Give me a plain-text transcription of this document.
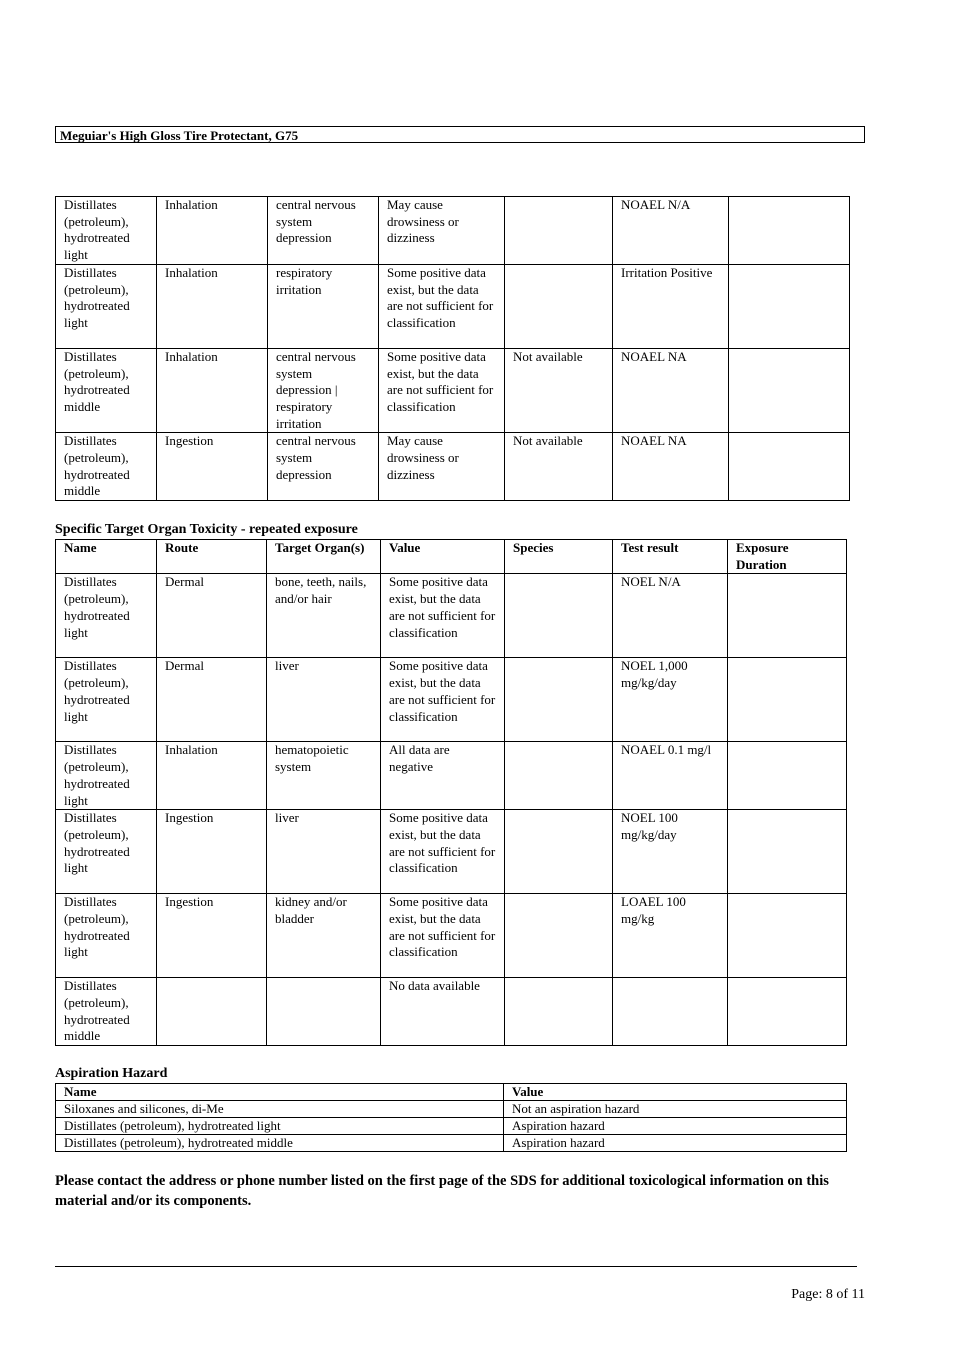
Meguiar's High Gloss Tire Protectant, G75
Distillates (petroleum), hydrotreated light	Inhalation	central nervous system depression	May cause drowsiness or dizziness		NOAEL N/A	
Distillates (petroleum), hydrotreated light	Inhalation	respiratory irritation	Some positive data exist, but the data are not sufficient for classification		Irritation Positive	
Distillates (petroleum), hydrotreated middle	Inhalation	central nervous system depression | respiratory irritation	Some positive data exist, but the data are not sufficient for classification	Not available	NOAEL NA	
Distillates (petroleum), hydrotreated middle	Ingestion	central nervous system depression	May cause drowsiness or dizziness	Not available	NOAEL NA	
Specific Target Organ Toxicity - repeated exposure
Name	Route	Target Organ(s)	Value	Species	Test result	Exposure Duration
Distillates (petroleum), hydrotreated light	Dermal	bone, teeth, nails, and/or hair	Some positive data exist, but the data are not sufficient for classification		NOEL N/A	
Distillates (petroleum), hydrotreated light	Dermal	liver	Some positive data exist, but the data are not sufficient for classification		NOEL 1,000 mg/kg/day	
Distillates (petroleum), hydrotreated light	Inhalation	hematopoietic system	All data are negative		NOAEL 0.1 mg/l	
Distillates (petroleum), hydrotreated light	Ingestion	liver	Some positive data exist, but the data are not sufficient for classification		NOEL 100 mg/kg/day	
Distillates (petroleum), hydrotreated light	Ingestion	kidney and/or bladder	Some positive data exist, but the data are not sufficient for classification		LOAEL 100 mg/kg	
Distillates (petroleum), hydrotreated middle			No data available			
Aspiration Hazard
Name	Value
Siloxanes and silicones, di-Me	Not an aspiration hazard
Distillates (petroleum), hydrotreated light	Aspiration hazard
Distillates (petroleum), hydrotreated middle	Aspiration hazard
Please contact the address or phone number listed on the first page of the SDS for additional toxicological information on this material and/or its components.
Page: 8 of 11
